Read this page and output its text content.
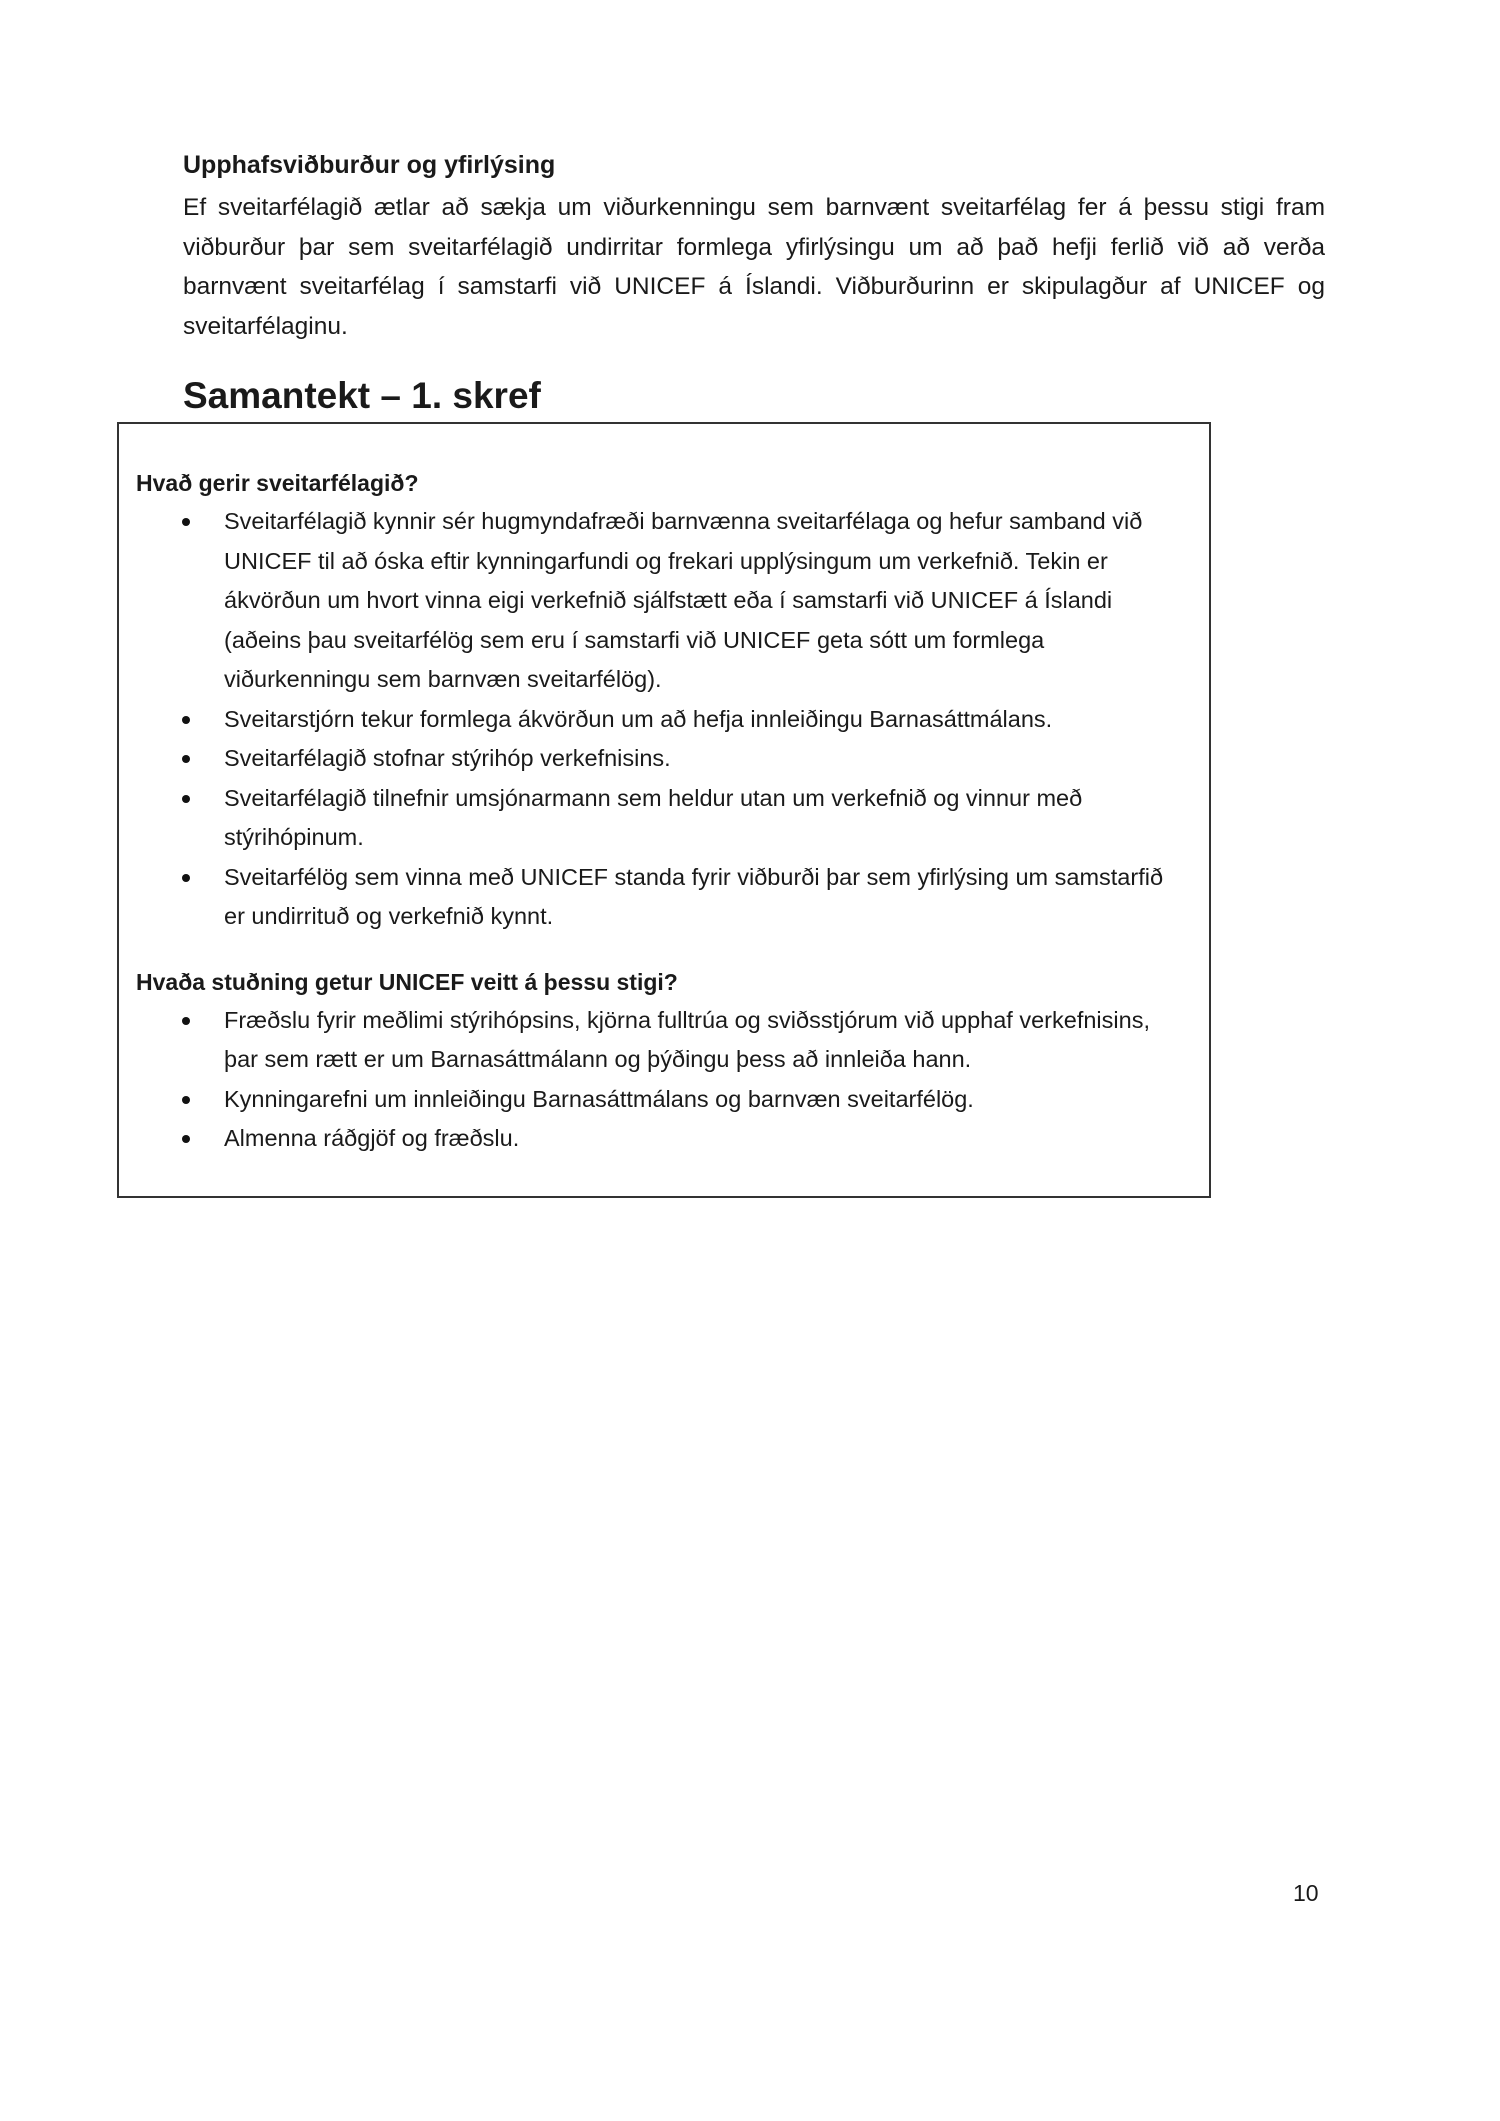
Upphafsviðburður og yfirlýsing

Ef sveitarfélagið ætlar að sækja um viðurkenningu sem barnvænt sveitarfélag fer á þessu stigi fram viðburður þar sem sveitarfélagið undirritar formlega yfirlýsingu um að það hefji ferlið við að verða barnvænt sveitarfélag í samstarfi við UNICEF á Íslandi. Viðburðurinn er skipulagður af UNICEF og sveitarfélaginu.

Samantekt – 1. skref

Hvað gerir sveitarfélagið?

Sveitarfélagið kynnir sér hugmyndafræði barnvænna sveitarfélaga og hefur samband við UNICEF til að óska eftir kynningarfundi og frekari upplýsingum um verkefnið. Tekin er ákvörðun um hvort vinna eigi verkefnið sjálfstætt eða í samstarfi við UNICEF á Íslandi (aðeins þau sveitarfélög sem eru í samstarfi við UNICEF geta sótt um formlega viðurkenningu sem barnvæn sveitarfélög).
Sveitarstjórn tekur formlega ákvörðun um að hefja innleiðingu Barnasáttmálans.
Sveitarfélagið stofnar stýrihóp verkefnisins.
Sveitarfélagið tilnefnir umsjónarmann sem heldur utan um verkefnið og vinnur með stýrihópinum.
Sveitarfélög sem vinna með UNICEF standa fyrir viðburði þar sem yfirlýsing um samstarfið er undirrituð og verkefnið kynnt.

Hvaða stuðning getur UNICEF veitt á þessu stigi?

Fræðslu fyrir meðlimi stýrihópsins, kjörna fulltrúa og sviðsstjórum við upphaf verkefnisins, þar sem rætt er um Barnasáttmálann og þýðingu þess að innleiða hann.
Kynningarefni um innleiðingu Barnasáttmálans og barnvæn sveitarfélög.
Almenna ráðgjöf og fræðslu.

10
